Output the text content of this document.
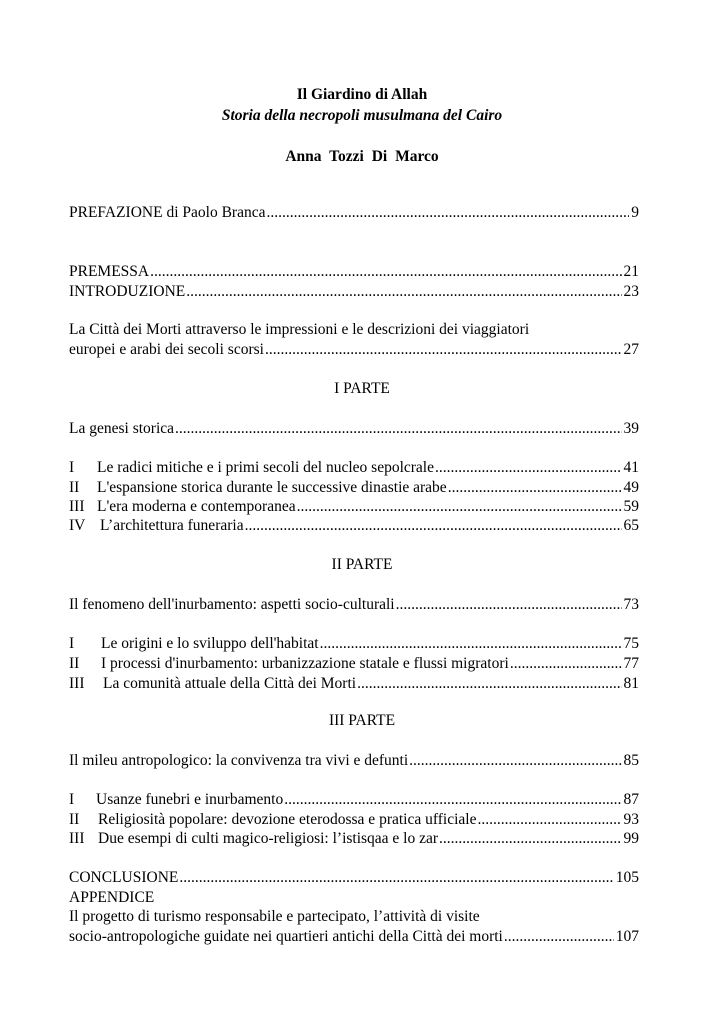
Il Giardino di Allah
Storia della necropoli musulmana del Cairo
Anna Tozzi Di Marco
PREFAZIONE di Paolo Branca .....	9
PREMESSA .....	21
INTRODUZIONE .....	23
La Città dei Morti attraverso le impressioni e le descrizioni dei viaggiatori
europei e arabi dei secoli scorsi .....	27
I PARTE
La genesi storica .....	39
I Le radici mitiche e i primi secoli del nucleo sepolcrale .....	41
II L'espansione storica durante le successive dinastie arabe .....	49
III L'era moderna e contemporanea .....	59
IV L’architettura funeraria .....	65
II PARTE
Il fenomeno dell'inurbamento: aspetti socio-culturali .....	73
I Le origini e lo sviluppo dell'habitat .....	75
II I processi d'inurbamento: urbanizzazione statale e flussi migratori .....	77
III La comunità attuale della Città dei Morti .....	81
III PARTE
Il mileu antropologico: la convivenza tra vivi e defunti .....	85
I Usanze funebri e inurbamento .....	87
II Religiosità popolare: devozione eterodossa e pratica ufficiale .....	93
III Due esempi di culti magico-religiosi: l’istisqaa e lo zar .....	99
CONCLUSIONE .....	105
APPENDICE
Il progetto di turismo responsabile e partecipato, l’attività di visite
socio-antropologiche guidate nei quartieri antichi della Città dei morti .....	107
